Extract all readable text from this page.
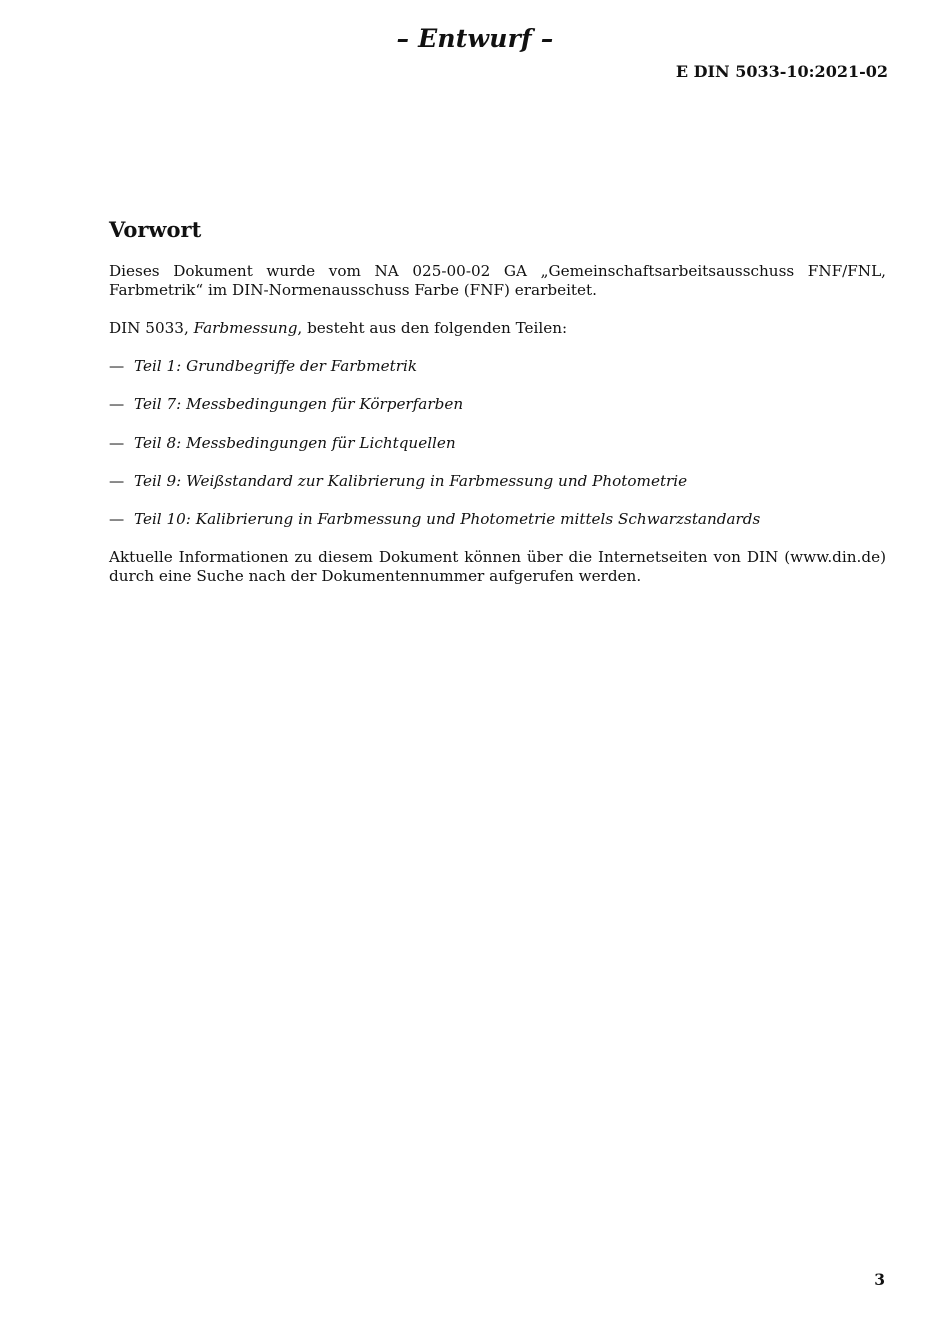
– Entwurf –
E DIN 5033-10:2021-02
Vorwort

Dieses Dokument wurde vom NA 025-00-02 GA „Gemeinschaftsarbeitsausschuss FNF/FNL, Farbmetrik“ im DIN-Normenausschuss Farbe (FNF) erarbeitet.

DIN 5033, Farbmessung, besteht aus den folgenden Teilen:

— Teil 1: Grundbegriffe der Farbmetrik
— Teil 7: Messbedingungen für Körperfarben
— Teil 8: Messbedingungen für Lichtquellen
— Teil 9: Weißstandard zur Kalibrierung in Farbmessung und Photometrie
— Teil 10: Kalibrierung in Farbmessung und Photometrie mittels Schwarzstandards

Aktuelle Informationen zu diesem Dokument können über die Internetseiten von DIN (www.din.de) durch eine Suche nach der Dokumentennummer aufgerufen werden.

3
